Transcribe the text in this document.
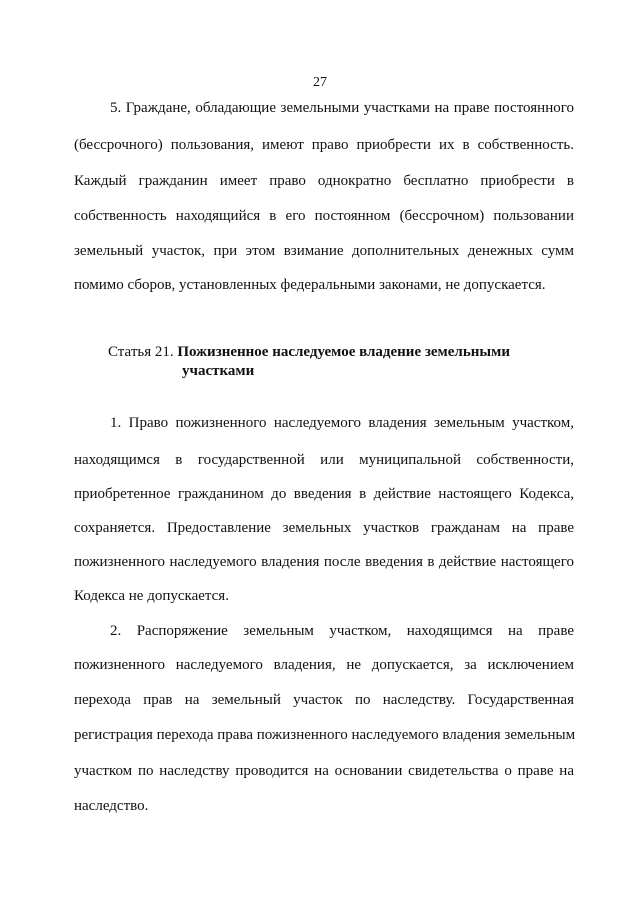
27
5. Граждане, обладающие земельными участками на праве постоянного
(бессрочного) пользования, имеют право приобрести их в собственность.
Каждый гражданин имеет право однократно бесплатно приобрести в
собственность находящийся в его постоянном (бессрочном) пользовании
земельный участок, при этом взимание дополнительных денежных сумм
помимо сборов, установленных федеральными законами, не допускается.
Статья 21. Пожизненное наследуемое владение земельными
участками
1. Право пожизненного наследуемого владения земельным участком,
находящимся в государственной или муниципальной собственности,
приобретенное гражданином до введения в действие настоящего Кодекса,
сохраняется. Предоставление земельных участков гражданам на праве
пожизненного наследуемого владения после введения в действие настоящего
Кодекса не допускается.
2. Распоряжение земельным участком, находящимся на праве
пожизненного наследуемого владения, не допускается, за исключением
перехода прав на земельный участок по наследству. Государственная
регистрация перехода права пожизненного наследуемого владения земельным
участком по наследству проводится на основании свидетельства о праве на
наследство.
